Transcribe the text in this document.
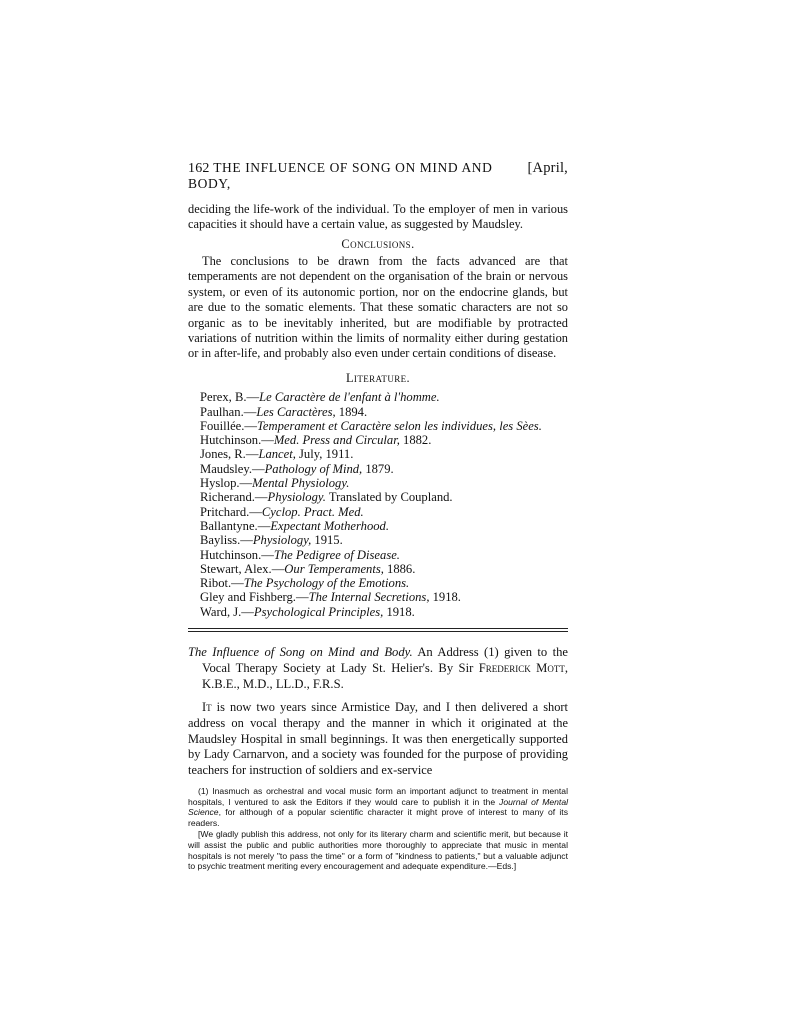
162 THE INFLUENCE OF SONG ON MIND AND BODY,
[April,

deciding the life-work of the individual. To the employer of men in various capacities it should have a certain value, as suggested by Maudsley.

Conclusions.

The conclusions to be drawn from the facts advanced are that temperaments are not dependent on the organisation of the brain or nervous system, or even of its autonomic portion, nor on the endocrine glands, but are due to the somatic elements. That these somatic characters are not so organic as to be inevitably inherited, but are modifiable by protracted variations of nutrition within the limits of normality either during gestation or in after-life, and probably also even under certain conditions of disease.

Literature.
Perex, B.—Le Caractère de l'enfant à l'homme.
Paulhan.—Les Caractères, 1894.
Fouillée.—Temperament et Caractère selon les individues, les Sèes.
Hutchinson.—Med. Press and Circular, 1882.
Jones, R.—Lancet, July, 1911.
Maudsley.—Pathology of Mind, 1879.
Hyslop.—Mental Physiology.
Richerand.—Physiology. Translated by Coupland.
Pritchard.—Cyclop. Pract. Med.
Ballantyne.—Expectant Motherhood.
Bayliss.—Physiology, 1915.
Hutchinson.—The Pedigree of Disease.
Stewart, Alex.—Our Temperaments, 1886.
Ribot.—The Psychology of the Emotions.
Gley and Fishberg.—The Internal Secretions, 1918.
Ward, J.—Psychological Principles, 1918.

The Influence of Song on Mind and Body. An Address (1) given to the Vocal Therapy Society at Lady St. Helier's. By Sir Frederick Mott, K.B.E., M.D., LL.D., F.R.S.

It is now two years since Armistice Day, and I then delivered a short address on vocal therapy and the manner in which it originated at the Maudsley Hospital in small beginnings. It was then energetically supported by Lady Carnarvon, and a society was founded for the purpose of providing teachers for instruction of soldiers and ex-service

(1) Inasmuch as orchestral and vocal music form an important adjunct to treatment in mental hospitals, I ventured to ask the Editors if they would care to publish it in the Journal of Mental Science, for although of a popular scientific character it might prove of interest to many of its readers.

[We gladly publish this address, not only for its literary charm and scientific merit, but because it will assist the public and public authorities more thoroughly to appreciate that music in mental hospitals is not merely "to pass the time" or a form of "kindness to patients," but a valuable adjunct to psychic treatment meriting every encouragement and adequate expenditure.—Eds.]
